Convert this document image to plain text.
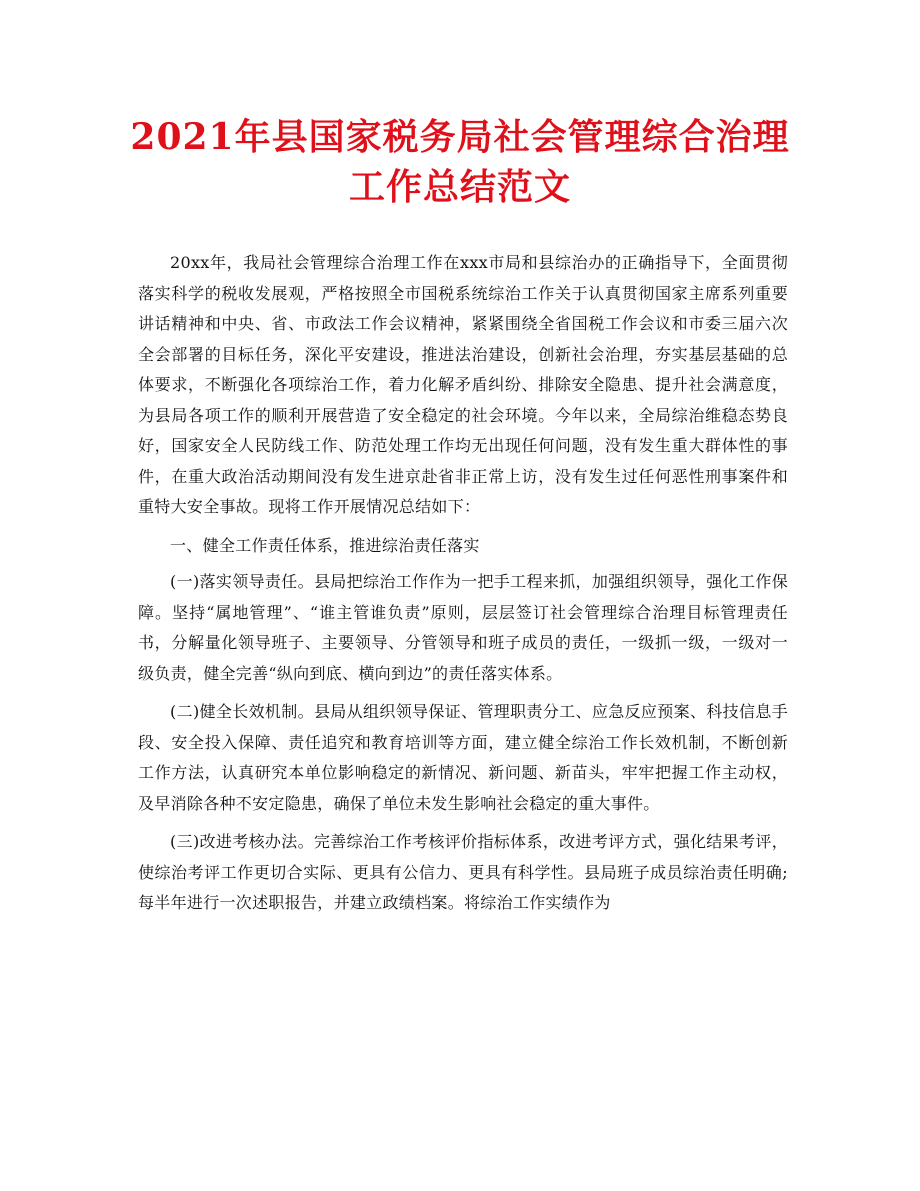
2021年县国家税务局社会管理综合治理
工作总结范文

20xx年，我局社会管理综合治理工作在xxx市局和县综治办的正确指导下，全面贯彻落实科学的税收发展观，严格按照全市国税系统综治工作关于认真贯彻国家主席系列重要讲话精神和中央、省、市政法工作会议精神，紧紧围绕全省国税工作会议和市委三届六次全会部署的目标任务，深化平安建设，推进法治建设，创新社会治理，夯实基层基础的总体要求，不断强化各项综治工作，着力化解矛盾纠纷、排除安全隐患、提升社会满意度，为县局各项工作的顺利开展营造了安全稳定的社会环境。今年以来，全局综治维稳态势良好，国家安全人民防线工作、防范处理工作均无出现任何问题，没有发生重大群体性的事件，在重大政治活动期间没有发生进京赴省非正常上访，没有发生过任何恶性刑事案件和重特大安全事故。现将工作开展情况总结如下：

一、健全工作责任体系，推进综治责任落实

(一)落实领导责任。县局把综治工作作为一把手工程来抓，加强组织领导，强化工作保障。坚持“属地管理”、“谁主管谁负责”原则，层层签订社会管理综合治理目标管理责任书，分解量化领导班子、主要领导、分管领导和班子成员的责任，一级抓一级，一级对一级负责，健全完善“纵向到底、横向到边”的责任落实体系。

(二)健全长效机制。县局从组织领导保证、管理职责分工、应急反应预案、科技信息手段、安全投入保障、责任追究和教育培训等方面，建立健全综治工作长效机制，不断创新工作方法，认真研究本单位影响稳定的新情况、新问题、新苗头，牢牢把握工作主动权，及早消除各种不安定隐患，确保了单位未发生影响社会稳定的重大事件。

(三)改进考核办法。完善综治工作考核评价指标体系，改进考评方式，强化结果考评，使综治考评工作更切合实际、更具有公信力、更具有科学性。县局班子成员综治责任明确;每半年进行一次述职报告，并建立政绩档案。将综治工作实绩作为
